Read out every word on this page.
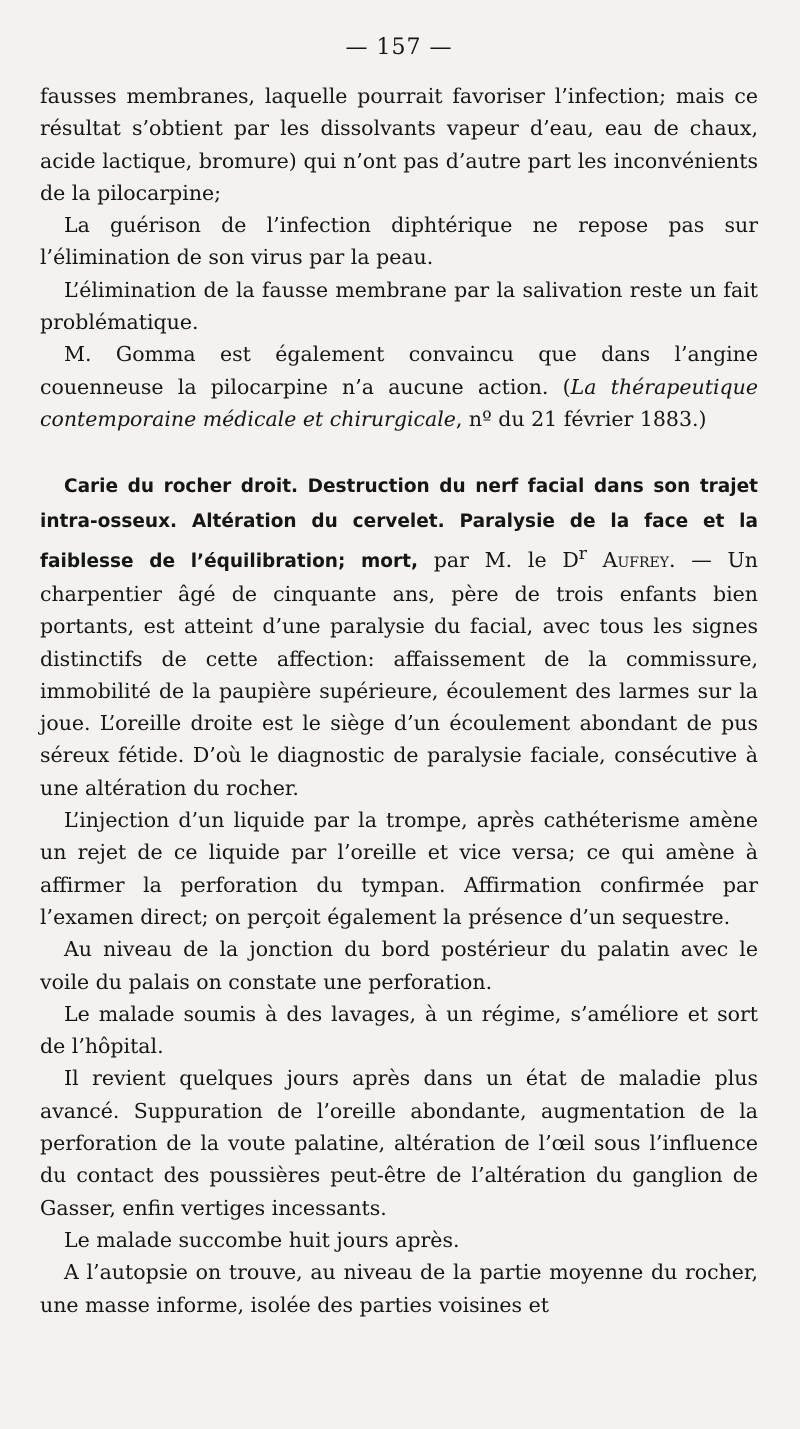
— 157 —

fausses membranes, laquelle pourrait favoriser l’infection; mais ce résultat s’obtient par les dissolvants vapeur d’eau, eau de chaux, acide lactique, bromure) qui n’ont pas d’autre part les inconvénients de la pilocarpine;

La guérison de l’infection diphtérique ne repose pas sur l’élimination de son virus par la peau.

L’élimination de la fausse membrane par la salivation reste un fait problématique.

M. Gomma est également convaincu que dans l’angine couenneuse la pilocarpine n’a aucune action. (La thérapeutique contemporaine médicale et chirurgicale, nº du 21 février 1883.)

Carie du rocher droit. Destruction du nerf facial dans son trajet intra-osseux. Altération du cervelet. Paralysie de la face et la faiblesse de l’équilibration; mort, par M. le $D^r$ Aufrey. — Un charpentier âgé de cinquante ans, père de trois enfants bien portants, est atteint d’une paralysie du facial, avec tous les signes distinctifs de cette affection: affaissement de la commissure, immobilité de la paupière supérieure, écoulement des larmes sur la joue. L’oreille droite est le siège d’un écoulement abondant de pus séreux fétide. D’où le diagnostic de paralysie faciale, consécutive à une altération du rocher.

L’injection d’un liquide par la trompe, après cathéterisme amène un rejet de ce liquide par l’oreille et vice versa; ce qui amène à affirmer la perforation du tympan. Affirmation confirmée par l’examen direct; on perçoit également la présence d’un sequestre.

Au niveau de la jonction du bord postérieur du palatin avec le voile du palais on constate une perforation.

Le malade soumis à des lavages, à un régime, s’améliore et sort de l’hôpital.

Il revient quelques jours après dans un état de maladie plus avancé. Suppuration de l’oreille abondante, augmentation de la perforation de la voute palatine, altération de l’œil sous l’influence du contact des poussières peut-être de l’altération du ganglion de Gasser, enfin vertiges incessants.

Le malade succombe huit jours après.

A l’autopsie on trouve, au niveau de la partie moyenne du rocher, une masse informe, isolée des parties voisines et
